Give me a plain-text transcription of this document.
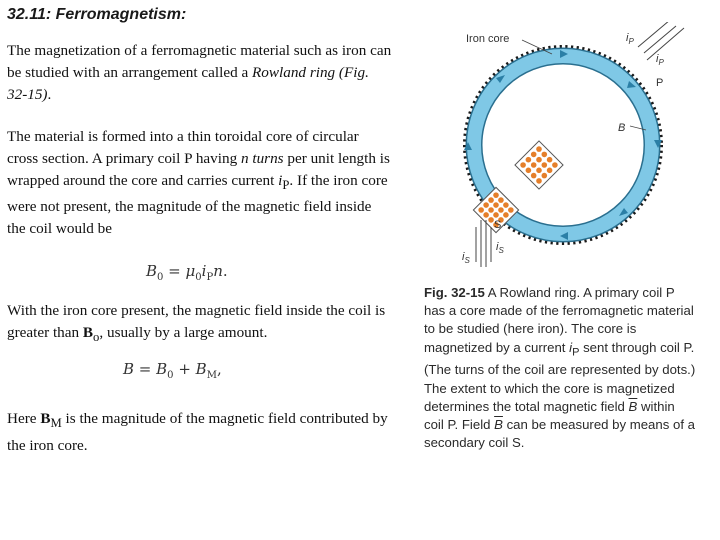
32.11: Ferromagnetism:

The magnetization of a ferromagnetic material such as iron can be studied with an arrangement called a Rowland ring (Fig. 32-15).

The material is formed into a thin toroidal core of circular cross section. A primary coil P having n turns per unit length is wrapped around the core and carries current $i_P$. If the iron core were not present, the magnitude of the magnetic field inside the coil would be

$B_0 = \mu_0i_Pn$.

With the iron core present, the magnetic field inside the coil is greater than $B_o$, usually by a large amount.

$B = B_0 + B_M$,

Here $B_M$ is the magnitude of the magnetic field contributed by the iron core.

Iron core	$i_P$
$i_P$
P
B
S
$i_S$
$i_S$

Fig. 32-15 A Rowland ring. A primary coil P has a core made of the ferromagnetic material to be studied (here iron). The core is magnetized by a current $i_P$ sent through coil P. (The turns of the coil are represented by dots.) The extent to which the core is magnetized determines the total magnetic field $\overline{B}$ within coil P. Field $\overline{B}$ can be measured by means of a secondary coil S.
